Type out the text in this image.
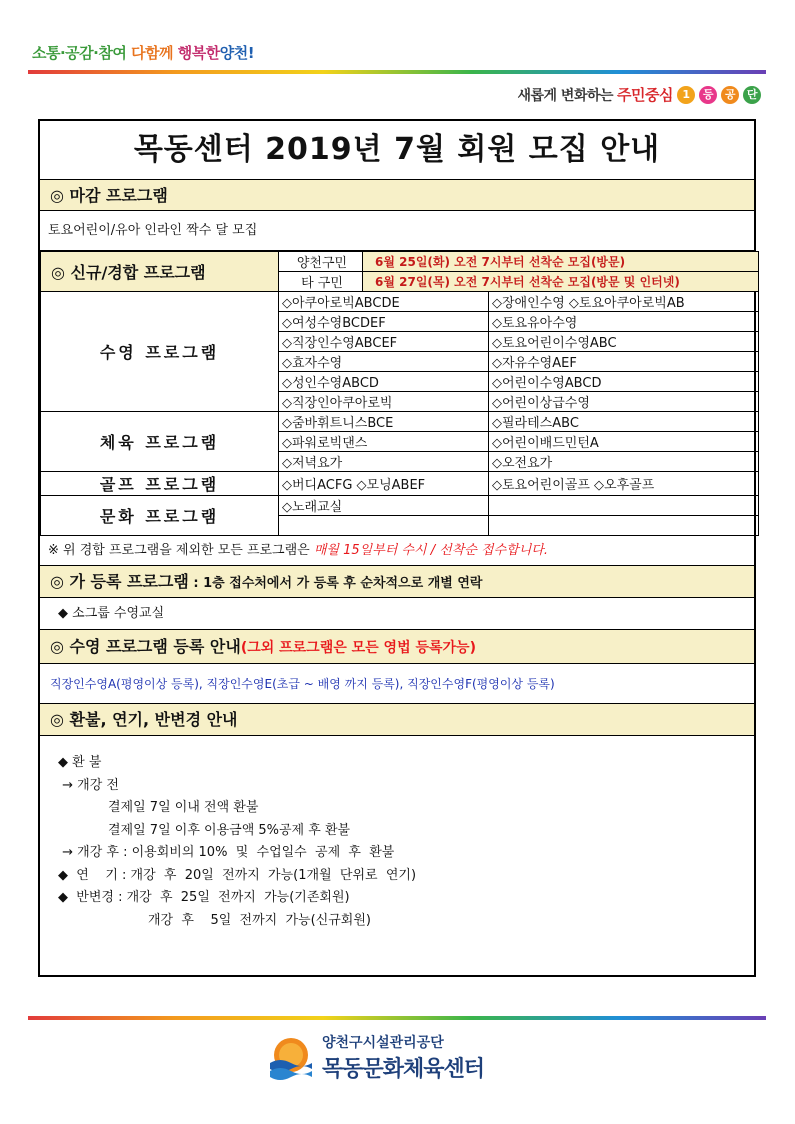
소통·공감·참여 다함께 행복한양천!
새롭게 변화하는 주민중심 1	등	공	단
목동센터 2019년 7월 회원 모집 안내
◎ 마감 프로그램
토요어린이/유아 인라인 짝수 달 모집
◎ 신규/경합 프로그램	양천구민	6월 25일(화) 오전 7시부터 선착순 모집(방문)	
	타 구민	6월 27일(목) 오전 7시부터 선착순 모집(방문 및 인터넷)	
수영 프로그램	◇아쿠아로빅ABCDE		◇장애인수영 ◇토요아쿠아로빅AB
	◇여성수영BCDEF		◇토요유아수영
	◇직장인수영ABCEF		◇토요어린이수영ABC
	◇효자수영		◇자유수영AEF
	◇성인수영ABCD		◇어린이수영ABCD
	◇직장인아쿠아로빅		◇어린이상급수영
체육 프로그램	◇줌바휘트니스BCE		◇필라테스ABC
	◇파워로빅댄스		◇어린이배드민턴A
	◇저녁요가		◇오전요가
골프 프로그램	◇버디ACFG ◇모닝ABEF		◇토요어린이골프 ◇오후골프
문화 프로그램	◇노래교실		

※ 위 경합 프로그램을 제외한 모든 프로그램은 매월 15일부터 수시 / 선착순 접수합니다.
◎ 가 등록 프로그램 : 1층 접수처에서 가 등록 후 순차적으로 개별 연락
◆ 소그룹 수영교실
◎ 수영 프로그램 등록 안내(그외 프로그램은 모든 영법 등록가능)
직장인수영A(평영이상 등록), 직장인수영E(초급 ~ 배영 까지 등록), 직장인수영F(평영이상 등록)
◎ 환불, 연기, 반변경 안내
◆ 환 불
→ 개강 전
결제일 7일 이내 전액 환불
결제일 7일 이후 이용금액 5%공제 후 환불
→ 개강 후 : 이용회비의 10%  및  수업일수  공제  후  환불
◆  연    기 : 개강  후  20일  전까지  가능(1개월  단위로  연기)
◆  반변경 : 개강  후  25일  전까지  가능(기존회원)
개강  후    5일  전까지  가능(신규회원)
양천구시설관리공단
목동문화체육센터
